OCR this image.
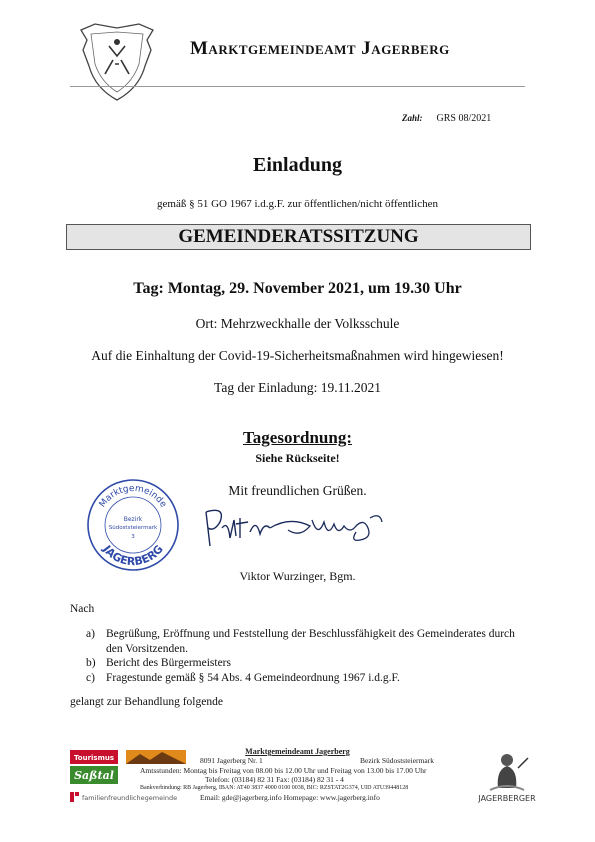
Marktgemeindeamt Jagerberg
Zahl: GRS 08/2021
Einladung
gemäß § 51 GO 1967 i.d.g.F. zur öffentlichen/nicht öffentlichen
GEMEINDERATSSITZUNG
Tag: Montag, 29. November 2021, um 19.30 Uhr
Ort: Mehrzweckhalle der Volksschule
Auf die Einhaltung der Covid-19-Sicherheitsmaßnahmen wird hingewiesen!
Tag der Einladung: 19.11.2021
Tagesordnung:
Siehe Rückseite!
Mit freundlichen Grüßen.
Marktgemeinde
JAGERBERG
Bezirk
Südoststeiermark
3
Viktor Wurzinger, Bgm.
Nach
a) Begrüßung, Eröffnung und Feststellung der Beschlussfähigkeit des Gemeinderates durch den Vorsitzenden.
b) Bericht des Bürgermeisters
c) Fragestunde gemäß § 54 Abs. 4 Gemeindeordnung 1967 i.d.g.F.
gelangt zur Behandlung folgende
Tourismus
Saßtal
familienfreundlichegemeinde	JAGERBERGER
Marktgemeindeamt Jagerberg
8091 Jagerberg Nr. 1	Bezirk Südoststeiermark
Amtsstunden: Montag bis Freitag von 08.00 bis 12.00 Uhr und Freitag von 13.00 bis 17.00 Uhr
Telefon: (03184) 82 31 Fax: (03184) 82 31 - 4
Bankverbindung: RB Jagerberg, IBAN: AT40 3837 4000 0100 0038, BIC: RZSTAT2G374, UID ATU39448128
Email: gde@jagerberg.info Homepage: www.jagerberg.info
